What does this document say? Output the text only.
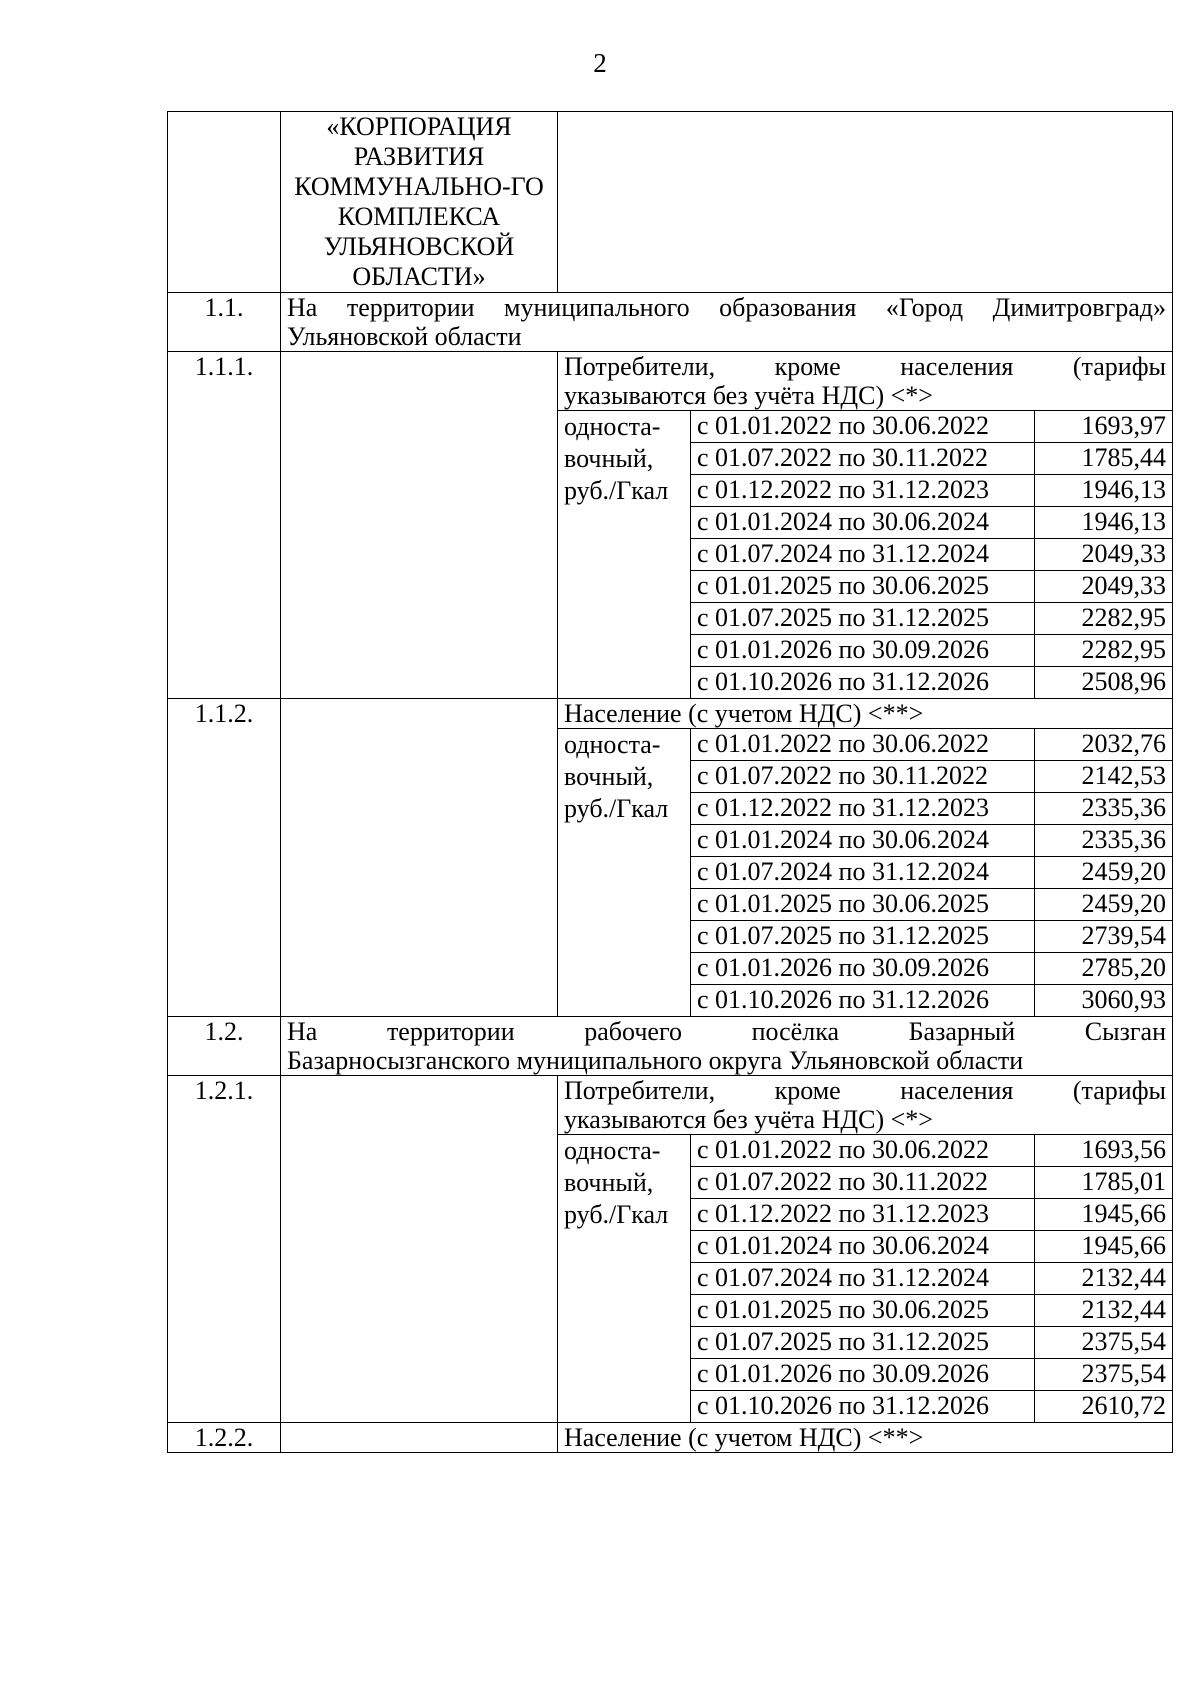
2
	«КОРПОРАЦИЯ РАЗВИТИЯ КОММУНАЛЬНО-ГО КОМПЛЕКСА УЛЬЯНОВСКОЙ ОБЛАСТИ»			
1.1.	На территории муниципального образования «Город Димитровград»
Ульяновской области			
1.1.1.		Потребители, кроме населения (тарифы
указываются без учёта НДС) <*>		
		односта-вочный, руб./Гкал	с 01.01.2022 по 30.06.2022	1693,97
			с 01.07.2022 по 30.11.2022	1785,44
			с 01.12.2022 по 31.12.2023	1946,13
			с 01.01.2024 по 30.06.2024	1946,13
			с 01.07.2024 по 31.12.2024	2049,33
			с 01.01.2025 по 30.06.2025	2049,33
			с 01.07.2025 по 31.12.2025	2282,95
			с 01.01.2026 по 30.09.2026	2282,95
			с 01.10.2026 по 31.12.2026	2508,96
1.1.2.		Население (с учетом НДС) <**>		
		односта-вочный, руб./Гкал	с 01.01.2022 по 30.06.2022	2032,76
			с 01.07.2022 по 30.11.2022	2142,53
			с 01.12.2022 по 31.12.2023	2335,36
			с 01.01.2024 по 30.06.2024	2335,36
			с 01.07.2024 по 31.12.2024	2459,20
			с 01.01.2025 по 30.06.2025	2459,20
			с 01.07.2025 по 31.12.2025	2739,54
			с 01.01.2026 по 30.09.2026	2785,20
			с 01.10.2026 по 31.12.2026	3060,93
1.2.	На территории рабочего посёлка Базарный Сызган
Базарносызганского муниципального округа Ульяновской области			
1.2.1.		Потребители, кроме населения (тарифы
указываются без учёта НДС) <*>		
		односта-вочный, руб./Гкал	с 01.01.2022 по 30.06.2022	1693,56
			с 01.07.2022 по 30.11.2022	1785,01
			с 01.12.2022 по 31.12.2023	1945,66
			с 01.01.2024 по 30.06.2024	1945,66
			с 01.07.2024 по 31.12.2024	2132,44
			с 01.01.2025 по 30.06.2025	2132,44
			с 01.07.2025 по 31.12.2025	2375,54
			с 01.01.2026 по 30.09.2026	2375,54
			с 01.10.2026 по 31.12.2026	2610,72
1.2.2.		Население (с учетом НДС) <**>		
